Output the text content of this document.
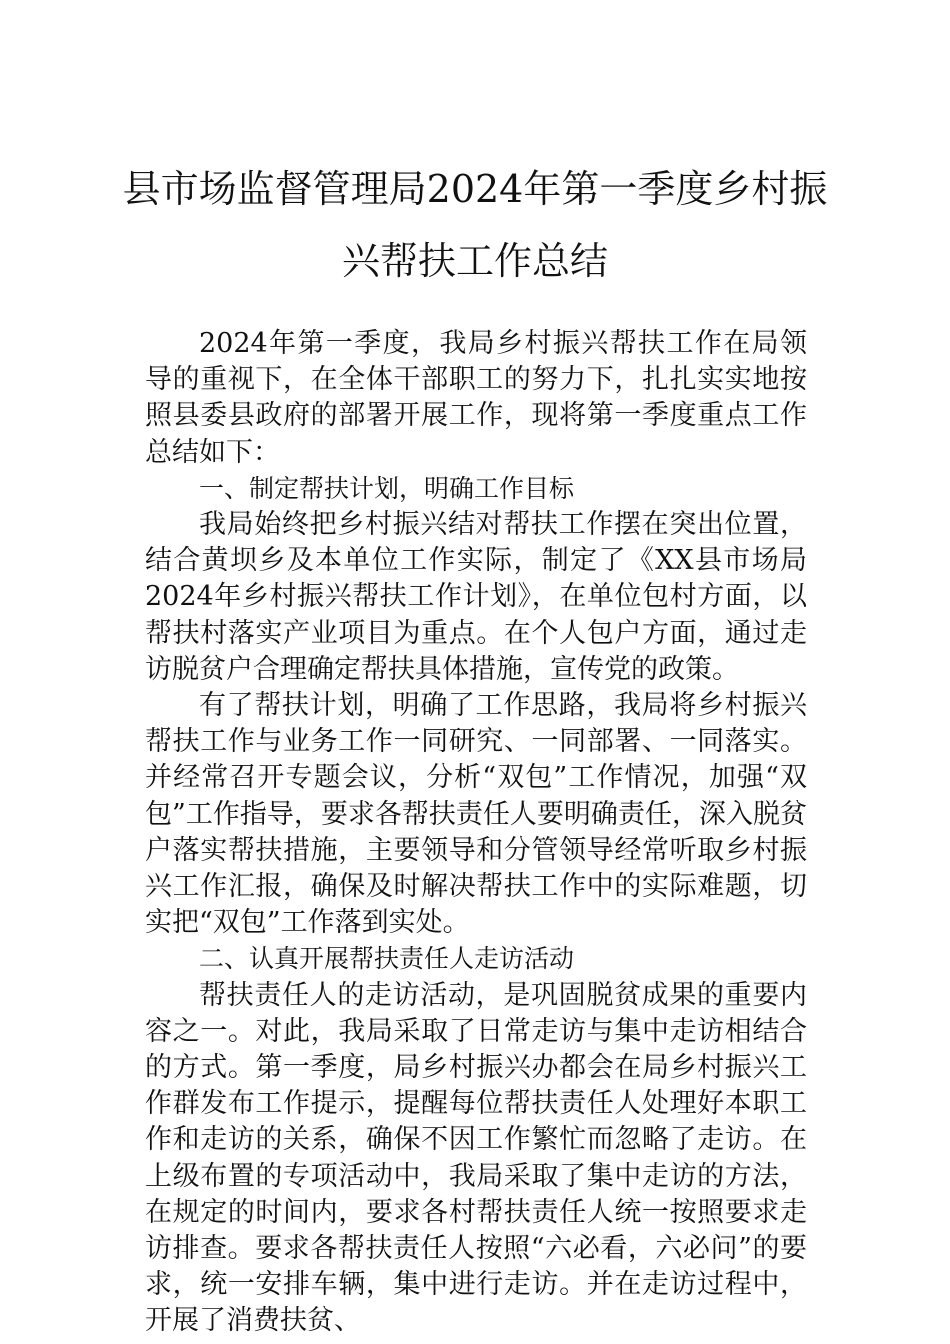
县市场监督管理局2024年第一季度乡村振
兴帮扶工作总结

2024年第一季度，我局乡村振兴帮扶工作在局领导的重视下，在全体干部职工的努力下，扎扎实实地按照县委县政府的部署开展工作，现将第一季度重点工作总结如下：

一、制定帮扶计划，明确工作目标

我局始终把乡村振兴结对帮扶工作摆在突出位置，结合黄坝乡及本单位工作实际，制定了《XX县市场局2024年乡村振兴帮扶工作计划》，在单位包村方面，以帮扶村落实产业项目为重点。在个人包户方面，通过走访脱贫户合理确定帮扶具体措施，宣传党的政策。

有了帮扶计划，明确了工作思路，我局将乡村振兴帮扶工作与业务工作一同研究、一同部署、一同落实。并经常召开专题会议，分析“双包”工作情况，加强“双包”工作指导，要求各帮扶责任人要明确责任，深入脱贫户落实帮扶措施，主要领导和分管领导经常听取乡村振兴工作汇报，确保及时解决帮扶工作中的实际难题，切实把“双包”工作落到实处。

二、认真开展帮扶责任人走访活动

帮扶责任人的走访活动，是巩固脱贫成果的重要内容之一。对此，我局采取了日常走访与集中走访相结合的方式。第一季度，局乡村振兴办都会在局乡村振兴工作群发布工作提示，提醒每位帮扶责任人处理好本职工作和走访的关系，确保不因工作繁忙而忽略了走访。在上级布置的专项活动中，我局采取了集中走访的方法，在规定的时间内，要求各村帮扶责任人统一按照要求走访排查。要求各帮扶责任人按照“六必看，六必问”的要求，统一安排车辆，集中进行走访。并在走访过程中，开展了消费扶贫、
